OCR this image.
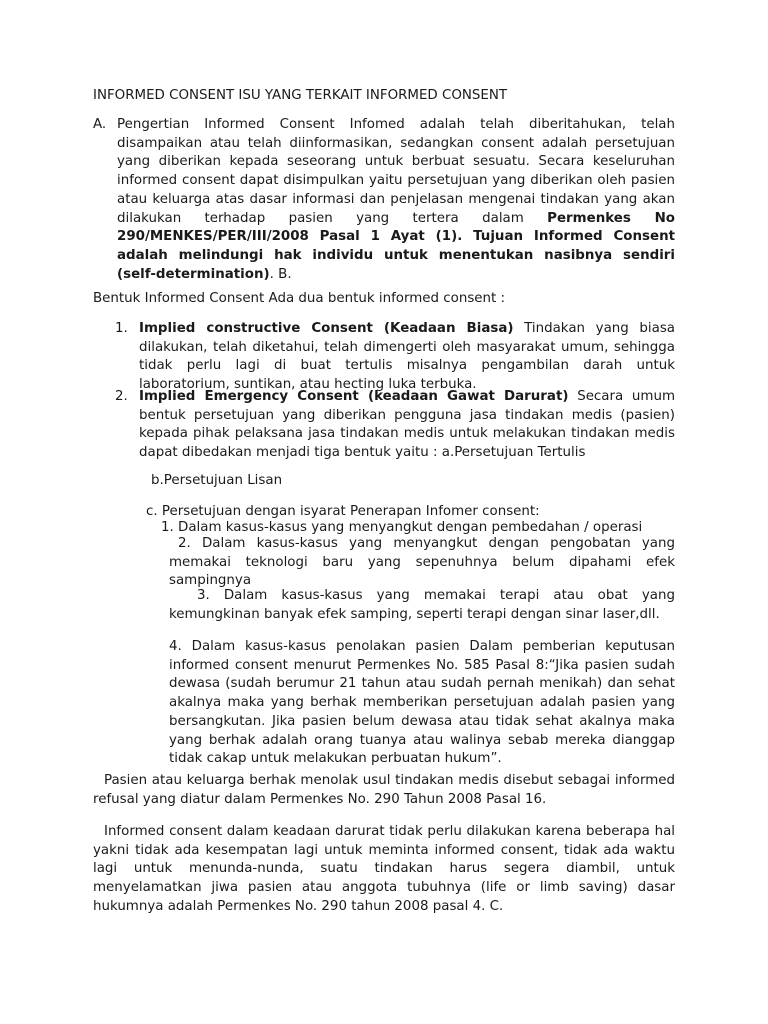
INFORMED CONSENT ISU YANG TERKAIT INFORMED CONSENT
A. Pengertian Informed Consent Infomed adalah telah diberitahukan, telah disampaikan atau telah diinformasikan, sedangkan consent adalah persetujuan yang diberikan kepada seseorang untuk berbuat sesuatu. Secara keseluruhan informed consent dapat disimpulkan yaitu persetujuan yang diberikan oleh pasien atau keluarga atas dasar informasi dan penjelasan mengenai tindakan yang akan dilakukan terhadap pasien yang tertera dalam Permenkes No 290/MENKES/PER/III/2008 Pasal 1 Ayat (1). Tujuan Informed Consent adalah melindungi hak individu untuk menentukan nasibnya sendiri (self-determination). B.
Bentuk Informed Consent Ada dua bentuk informed consent :
1. Implied constructive Consent (Keadaan Biasa) Tindakan yang biasa dilakukan, telah diketahui, telah dimengerti oleh masyarakat umum, sehingga tidak perlu lagi di buat tertulis misalnya pengambilan darah untuk laboratorium, suntikan, atau hecting luka terbuka.
2. Implied Emergency Consent (keadaan Gawat Darurat) Secara umum bentuk persetujuan yang diberikan pengguna jasa tindakan medis (pasien) kepada pihak pelaksana jasa tindakan medis untuk melakukan tindakan medis dapat dibedakan menjadi tiga bentuk yaitu : a.Persetujuan Tertulis
b.Persetujuan Lisan
c. Persetujuan dengan isyarat Penerapan Infomer consent:
1. Dalam kasus-kasus yang menyangkut dengan pembedahan / operasi
2. Dalam kasus-kasus yang menyangkut dengan pengobatan yang memakai teknologi baru yang sepenuhnya belum dipahami efek sampingnya
3. Dalam kasus-kasus yang memakai terapi atau obat yang kemungkinan banyak efek samping, seperti terapi dengan sinar laser,dll.
4. Dalam kasus-kasus penolakan pasien Dalam pemberian keputusan informed consent menurut Permenkes No. 585 Pasal 8:“Jika pasien sudah dewasa (sudah berumur 21 tahun atau sudah pernah menikah) dan sehat akalnya maka yang berhak memberikan persetujuan adalah pasien yang bersangkutan. Jika pasien belum dewasa atau tidak sehat akalnya maka yang berhak adalah orang tuanya atau walinya sebab mereka dianggap tidak cakap untuk melakukan perbuatan hukum”.
Pasien atau keluarga berhak menolak usul tindakan medis disebut sebagai informed refusal yang diatur dalam Permenkes No. 290 Tahun 2008 Pasal 16.
Informed consent dalam keadaan darurat tidak perlu dilakukan karena beberapa hal yakni tidak ada kesempatan lagi untuk meminta informed consent, tidak ada waktu lagi untuk menunda-nunda, suatu tindakan harus segera diambil, untuk menyelamatkan jiwa pasien atau anggota tubuhnya (life or limb saving) dasar hukumnya adalah Permenkes No. 290 tahun 2008 pasal 4. C.
